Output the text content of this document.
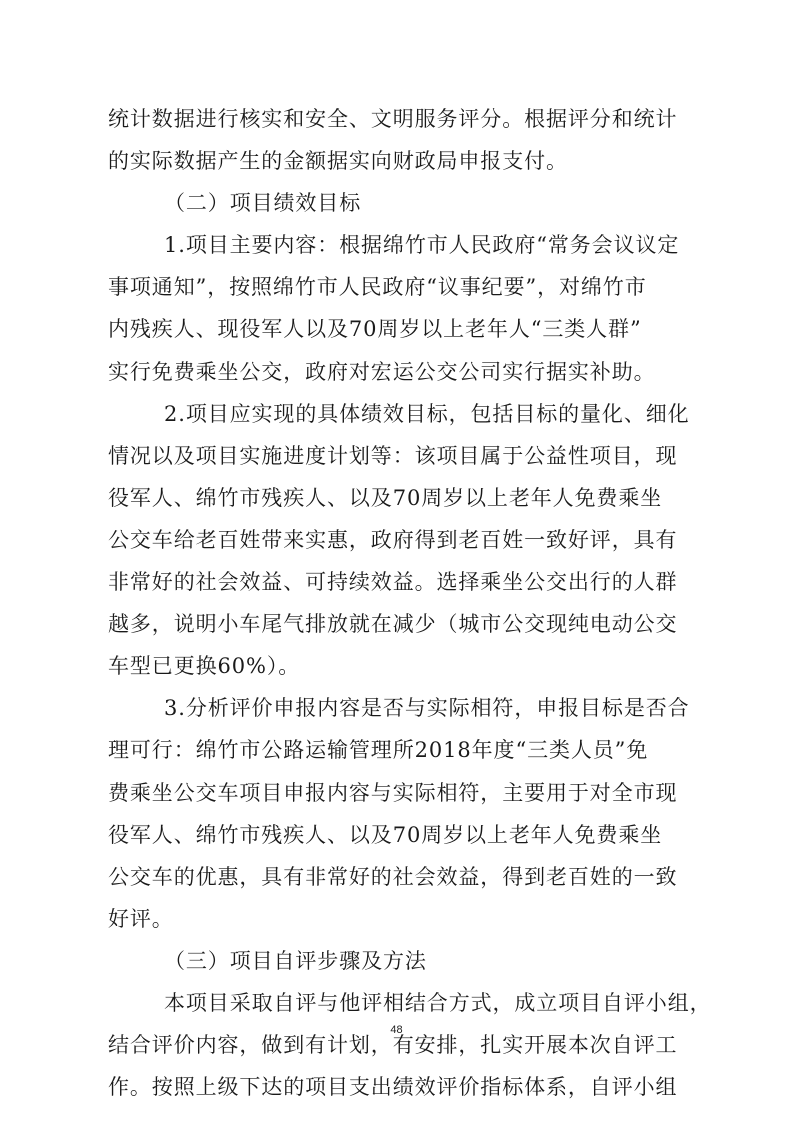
统计数据进行核实和安全、文明服务评分。根据评分和统计
的实际数据产生的金额据实向财政局申报支付。
（二）项目绩效目标
1.项目主要内容：根据绵竹市人民政府“常务会议议定
事项通知”，按照绵竹市人民政府“议事纪要”，对绵竹市
内残疾人、现役军人以及70周岁以上老年人“三类人群”
实行免费乘坐公交，政府对宏运公交公司实行据实补助。
2.项目应实现的具体绩效目标，包括目标的量化、细化
情况以及项目实施进度计划等：该项目属于公益性项目，现
役军人、绵竹市残疾人、以及70周岁以上老年人免费乘坐
公交车给老百姓带来实惠，政府得到老百姓一致好评，具有
非常好的社会效益、可持续效益。选择乘坐公交出行的人群
越多，说明小车尾气排放就在减少（城市公交现纯电动公交
车型已更换60%）。
3.分析评价申报内容是否与实际相符，申报目标是否合
理可行：绵竹市公路运输管理所2018年度“三类人员”免
费乘坐公交车项目申报内容与实际相符，主要用于对全市现
役军人、绵竹市残疾人、以及70周岁以上老年人免费乘坐
公交车的优惠，具有非常好的社会效益，得到老百姓的一致
好评。
（三）项目自评步骤及方法
本项目采取自评与他评相结合方式，成立项目自评小组，
结合评价内容，做到有计划，有安排，扎实开展本次自评工
作。按照上级下达的项目支出绩效评价指标体系，自评小组
48
